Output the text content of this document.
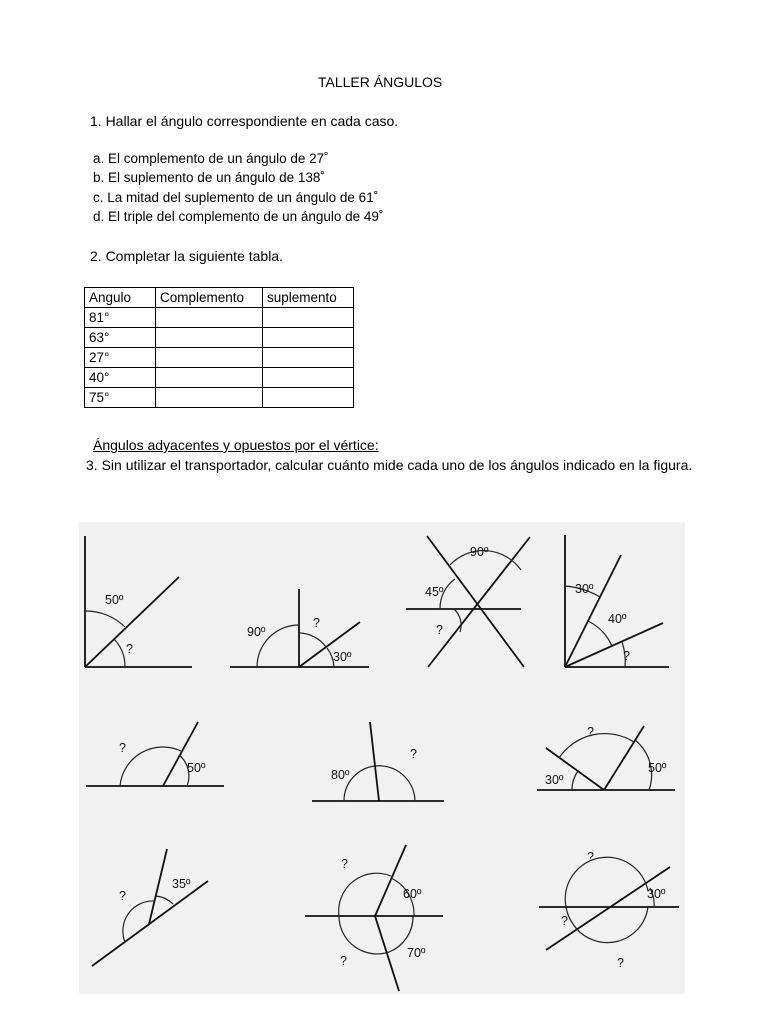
TALLER ÁNGULOS
1. Hallar el ángulo correspondiente en cada caso.
a. El complemento de un ángulo de 27˚
b. El suplemento de un ángulo de 138˚
c. La mitad del suplemento de un ángulo de 61˚
d. El triple del complemento de un ángulo de 49˚
2. Completar la siguiente tabla.
Angulo	Complemento	suplemento
81°		
63°		
27°		
40°		
75°		
Ángulos adyacentes y opuestos por el vértice:
3. Sin utilizar el transportador, calcular cuánto mide cada uno de los ángulos indicado en la figura.
50º
?
90º
?
30º
90º
45º
?
30º
40º
?
?
50º	80º
?
?
30º
50º
?
35º
?
60º
?
70º
?
30º
?
?
